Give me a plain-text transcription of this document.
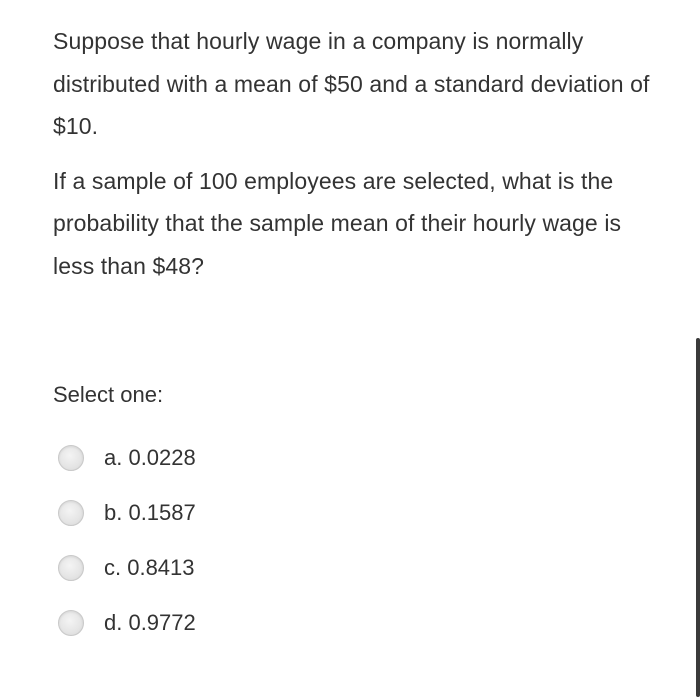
Suppose that hourly wage in a company is normally distributed with a mean of $50 and a standard deviation of $10.

If a sample of 100 employees are selected, what is the probability that the sample mean of their hourly wage is less than $48?

Select one:
a. 0.0228
b. 0.1587
c. 0.8413
d. 0.9772
